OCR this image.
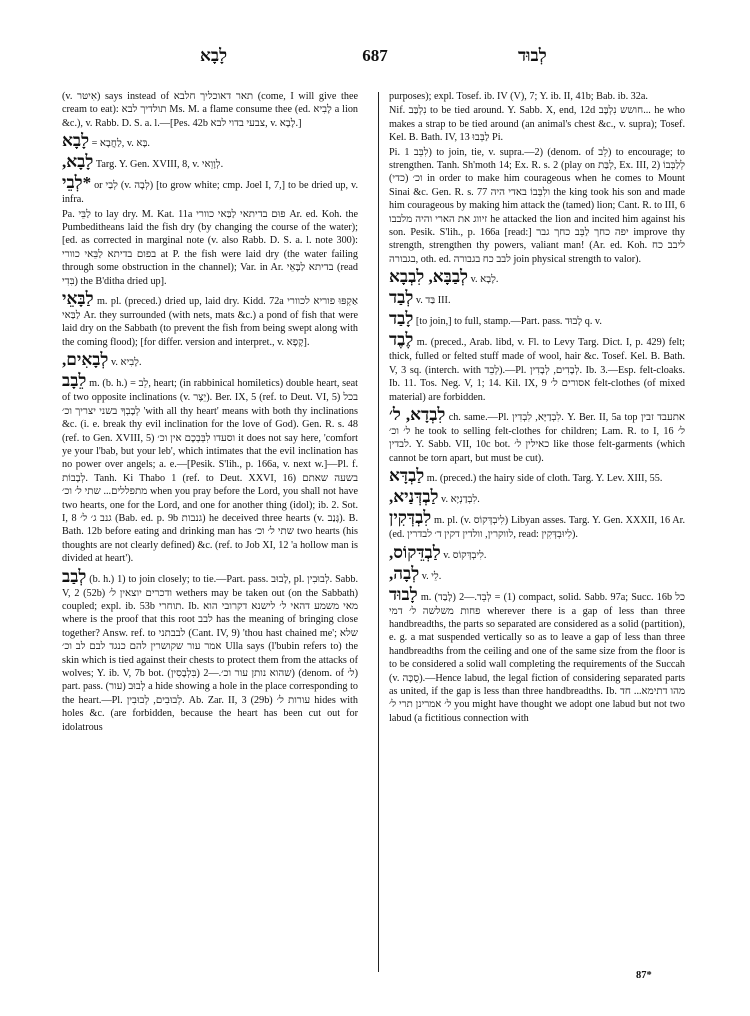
לָבָא	687	לְבוּד

(v. אִיטּר) says instead of תאר דאוכליך חלבא (come, I will give thee cream to eat): תולדיך לבא Ms. M. a flame consume thee (ed. לָבִיא a lion &c.), v. Rabb. D. S. a. l.—[Pes. 42b צבעי בדוי לבא, v. לָבָא.]

לָבָא = לַחֲבָא, v. בָּא.

לָבָא, Targ. Y. Gen. XVIII, 8, v. לְוָוֵאי.

*לְבֵי or לְבַי (v. לְבָה) [to grow white; cmp. Joel I, 7,] to be dried up, v. infra.

Pa. לַבֵּי to lay dry. M. Kat. 11a פוּם בדיתאי לַבַּאי כוורי Ar. ed. Koh. the Pumbeditheans laid the fish dry (by changing the course of the water); [ed. as corrected in marginal note (v. also Rabb. D. S. a. l. note 300): בפום בדיתא לַבֵּאי כוורי at P. the fish were laid dry (the water failing through some obstruction in the channel); Var. in Ar. בדיתא לַבָּאֵי (read בִּדִי) the B'ditha dried up].

לַבָּאֵי m. pl. (preced.) dried up, laid dry. Kidd. 72a אַקְפּוּ פוריא לכוורי לַבַּאי Ar. they surrounded (with nets, mats &c.) a pond of fish that were laid dry on the Sabbath (to prevent the fish from being swept along with the coming flood); [for differ. version and interpret., v. קָפָא].

לְבָאִים, v. לָבִיא.

לֵבָב m. (b. h.) = לֵב, heart; (in rabbinical homiletics) double heart, seat of two opposite inclinations (v. יֵצֶר). Ber. IX, 5 (ref. to Deut. VI, 5) בכל לְבָבְךָ בשני יצריך וכ׳ 'with all thy heart' means with both thy inclinations &c. (i. e. break thy evil inclination for the love of God). Gen. R. s. 48 (ref. to Gen. XVIII, 5) וסעדו לִבְּבְכֶם אין וכ׳ it does not say here, 'comfort ye your l'bab, but your leb', which intimates that the evil inclination has no power over angels; a. e.—[Pesik. S'lih., p. 166a, v. next w.]—Pl. f. לְבָבוֹת. Tanh. Ki Thabo 1 (ref. to Deut. XXVI, 16) בשעה שאתם מתפללים... שתי ל׳ וכ׳ when you pray before the Lord, you shall not have two hearts, one for the Lord, and one for another thing (idol); ib. 2. Sot. I, 8 גנב ג׳ ל׳ (Bab. ed. p. 9b גנבות) he deceived three hearts (v. גָּנַב). B. Bath. 12b before eating and drinking man has שתי ל׳ וכ׳ two hearts (his thoughts are not clearly defined) &c. (ref. to Job XI, 12 'a hollow man is divided at heart').

לְבַב (b. h.) 1) to join closely; to tie.—Part. pass. לָבוּב, pl. לְבוּבִין. Sabb. V, 2 (52b) ודכרים יוצאין ל׳ wethers may be taken out (on the Sabbath) coupled; expl. ib. 53b תוחרי. Ib. מאי משמע דהאי ל׳ לישנא דקרובי הוא where is the proof that this root לבב has the meaning of bringing close together? Answ. ref. to לבבתני (Cant. IV, 9) 'thou hast chained me'; שלא אמר עור שקושרין להם כנגד לבם לב וכ׳ Ulla says (l'bubin refers to) the skin which is tied against their chests to protect them from the attacks of wolves; Y. ib. V, 7b bot. (בִּלְבָסִין) שהוא נותן עור וכ׳.—2) (denom. of ל׳) part. pass. לְבוּב (עור) a hide showing a hole in the place corresponding to the heart.—Pl. לְבוּבִים, לְבוּבִין. Ab. Zar. II, 3 (29b) עורות ל׳ hides with holes &c. (are forbidden, because the heart has been cut out for idolatrous

purposes); expl. Tosef. ib. IV (V), 7; Y. ib. II, 41b; Bab. ib. 32a.

Nif. נִלְבַּב to be tied around. Y. Sabb. X, end, 12d חושש נִלְבָּב... he who makes a strap to be tied around (an animal's chest &c., v. supra); Tosef. Kel. B. Bath. IV, 13 לַבְּבוּ Pi.

Pi. לִבֵּב 1) to join, tie, v. supra.—2) (denom. of לֵב) to encourage; to strengthen. Tanh. Sh'moth 14; Ex. R. s. 2 (play on לְבַּת, Ex. III, 2) לְלַבְּבוֹ וכ׳ (כדי) in order to make him courageous when he comes to Mount Sinai &c. Gen. R. s. 77 ולִבְּבוֹ באדי היה the king took his son and made him courageous by making him attack the (tamed) lion; Cant. R. to III, 6 זיווג את הארי והיה מלבבו he attacked the lion and incited him against his son. Pesik. S'lih., p. 166a [read:] יפה כחך לַבֵּב כחך גבר improve thy strength, strengthen thy powers, valiant man! (Ar. ed. Koh. ליבב כח בגבורה, oth. ed. לבב כח בגבורה join physical strength to valor).

לְבַבָּא, לִבְבָא v. לָבָא.

לְבַד v. בַּד III.

לָבַד [to join,] to full, stamp.—Part. pass. לָבוּד q. v.

לֶבֶד m. (preced., Arab. libd, v. Fl. to Levy Targ. Dict. I, p. 429) felt; thick, fulled or felted stuff made of wool, hair &c. Tosef. Kel. B. Bath. V, 3 sq. (interch. with לְבֵד).—Pl. לְבָדִים, לְבָדִין. Ib. 3.—Esp. felt-cloaks. Ib. 11. Tos. Neg. V, 1; 14. Kil. IX, 9 אסורים ל׳ felt-clothes (of mixed material) are forbidden.

לִבְדָא, ל׳ ch. same.—Pl. לִבְדַיָּא, לִבְדִין. Y. Ber. II, 5a top אתעבד זבין ל׳ וכ׳ he took to selling felt-clothes for children; Lam. R. to I, 16 ל׳ לבדין. Y. Sabb. VII, 10c bot. כאילין ל׳ like those felt-garments (which cannot be torn apart, but must be cut).

לַבְדָּא m. (preced.) the hairy side of cloth. Targ. Y. Lev. XIII, 55.

לַבְדְּנַיא, v. לִבְדַנְיָא.

לִבְדְּקִין m. pl. (v. לִיבְדְּקוֹס) Libyan asses. Targ. Y. Gen. XXXII, 16 Ar. (ed. לווקרין, וולדין דקין ד׳ לבדרין, read: לִיוּבְדְּקִין).

לַבְדֵּקוֹס, v. לִיבְדְּקוֹס.

לְבָה, v. לֵי.

לָבוּד m. (לָבַד) 1) = לְבֵד.—2) compact, solid. Sabb. 97a; Succ. 16b כל פחות משלשה ל׳ דמי wherever there is a gap of less than three handbreadths, the parts so separated are considered as a solid (partition), e. g. a mat suspended vertically so as to leave a gap of less than three handbreadths from the ceiling and one of the same size from the floor is to be considered a solid wall completing the requirements of the Succah (v. סֻכָּה).—Hence labud, the legal fiction of considering separated parts as united, if the gap is less than three handbreadths. Ib. מהו דתימא... חד ל׳ אמרינן תרי ל׳ you might have thought we adopt one labud but not two labud (a fictitious connection with

87*
